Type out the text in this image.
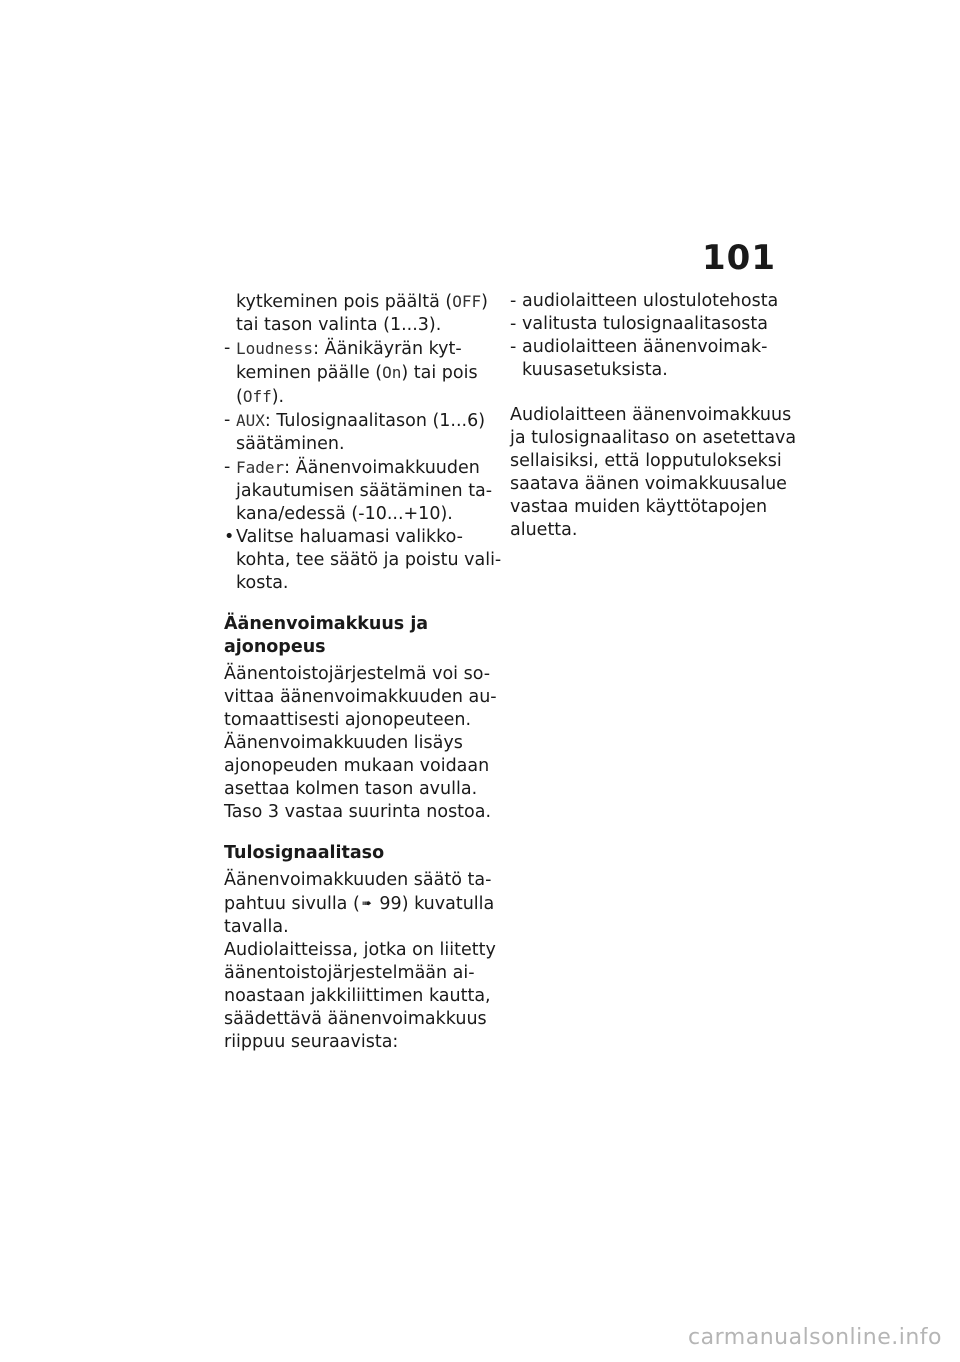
101
kytkeminen pois päältä (OFF)
tai tason valinta (1...3).
- Loudness: Äänikäyrän kyt-
keminen päälle (On) tai pois
(Off).
- AUX: Tulosignaalitason (1...6)
säätäminen.
- Fader: Äänenvoimakkuuden
jakautumisen säätäminen ta-
kana/edessä (-10...+10).
• Valitse haluamasi valikko-
kohta, tee säätö ja poistu vali-
kosta.
Äänenvoimakkuus ja
ajonopeus
Äänentoistojärjestelmä voi so-
vittaa äänenvoimakkuuden au-
tomaattisesti ajonopeuteen.
Äänenvoimakkuuden lisäys
ajonopeuden mukaan voidaan
asettaa kolmen tason avulla.
Taso 3 vastaa suurinta nostoa.
Tulosignaalitaso
Äänenvoimakkuuden säätö ta-
pahtuu sivulla ( ➠ 99) kuvatulla
tavalla.
Audiolaitteissa, jotka on liitetty
äänentoistojärjestelmään ai-
noastaan jakkiliittimen kautta,
säädettävä äänenvoimakkuus
riippuu seuraavista:
- audiolaitteen ulostulotehosta
- valitusta tulosignaalitasosta
- audiolaitteen äänenvoimak-
kuusasetuksista.
Audiolaitteen äänenvoimakkuus
ja tulosignaalitaso on asetettava
sellaisiksi, että lopputulokseksi
saatava äänen voimakkuusalue
vastaa muiden käyttötapojen
aluetta.
carmanualsonline.info
